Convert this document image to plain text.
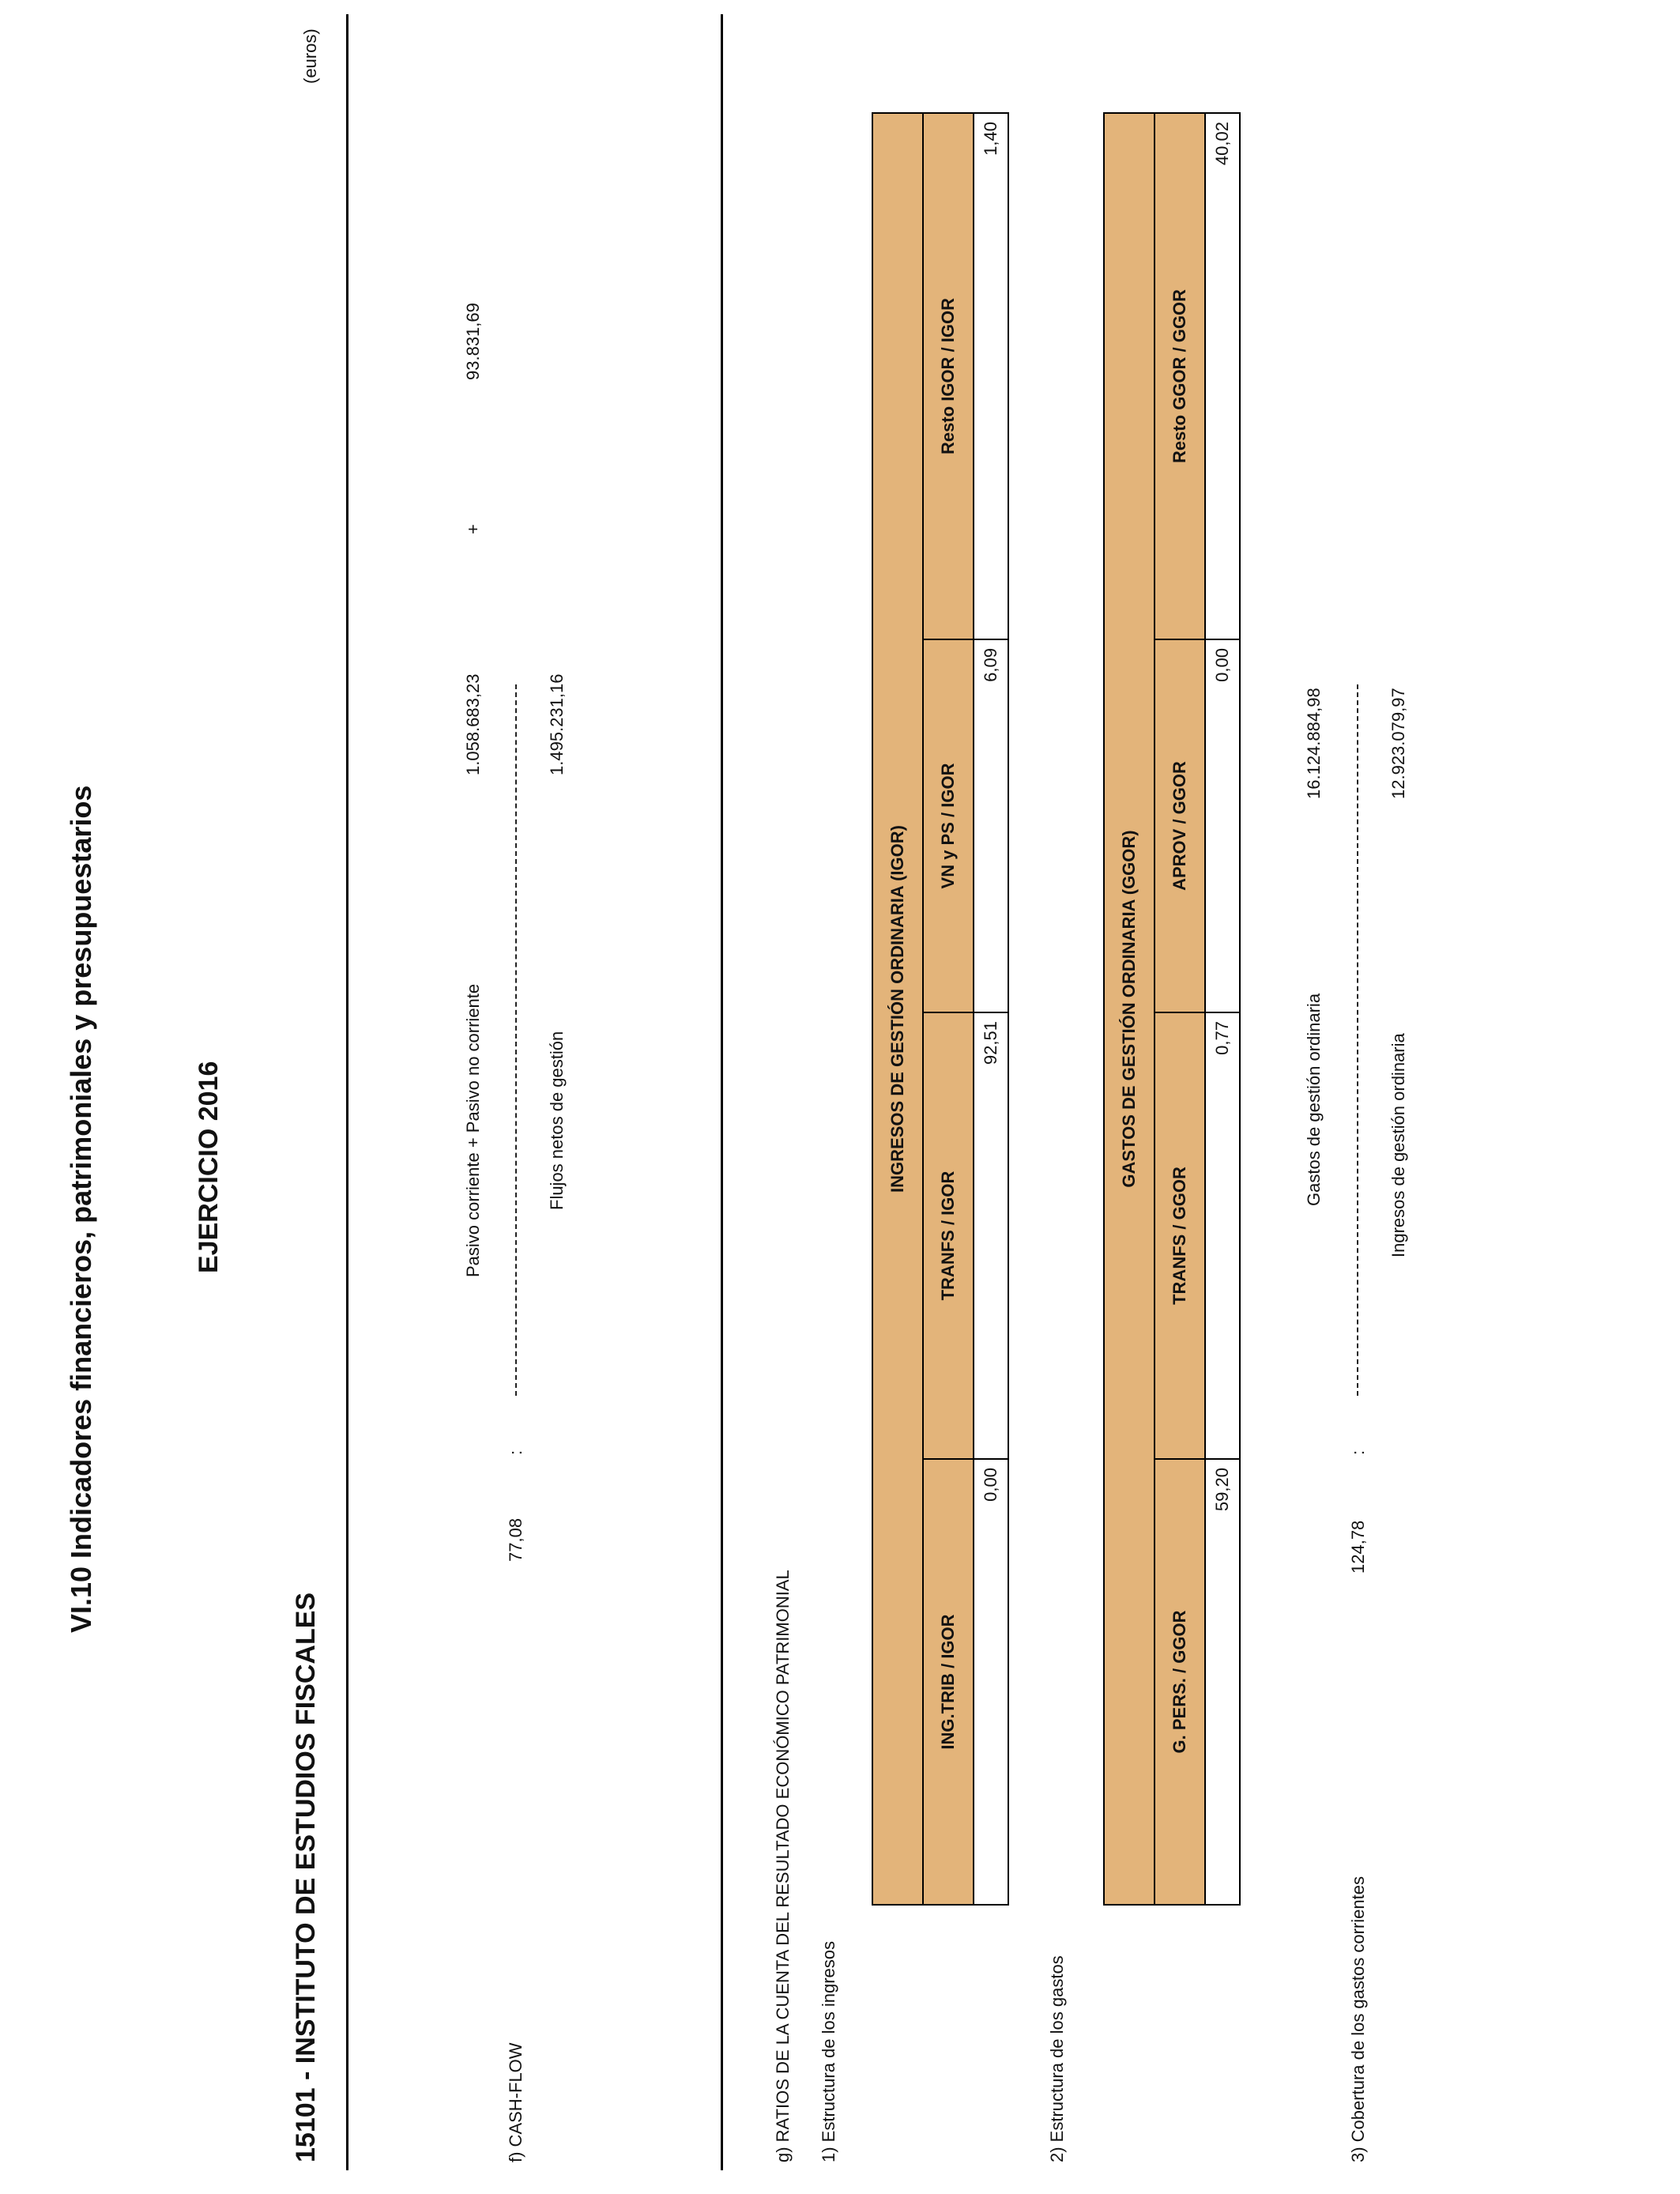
VI.10 Indicadores financieros, patrimoniales y presupuestarios	EJERCICIO 2016
15101 - INSTITUTO DE ESTUDIOS FISCALES
(euros)
f) CASH-FLOW
77,08
:
Pasivo corriente + Pasivo no corriente
1.058.683,23
+
93.831,69
Flujos netos de gestión
1.495.231,16
g) RATIOS DE LA CUENTA DEL RESULTADO ECONÓMICO PATRIMONIAL 1) Estructura de los ingresos
INGRESOS DE GESTIÓN ORDINARIA (IGOR)			
ING.TRIB / IGOR	TRANFS / IGOR	VN y PS / IGOR	Resto IGOR / IGOR
0,00	92,51	6,09	1,40
2) Estructura de los gastos
GASTOS DE GESTIÓN ORDINARIA (GGOR)			
G. PERS. / GGOR	TRANFS / GGOR	APROV / GGOR	Resto GGOR / GGOR
59,20	0,77	0,00	40,02
3) Cobertura de los gastos corrientes
124,78
:
Gastos de gestión ordinaria
16.124.884,98
Ingresos de gestión ordinaria
12.923.079,97
